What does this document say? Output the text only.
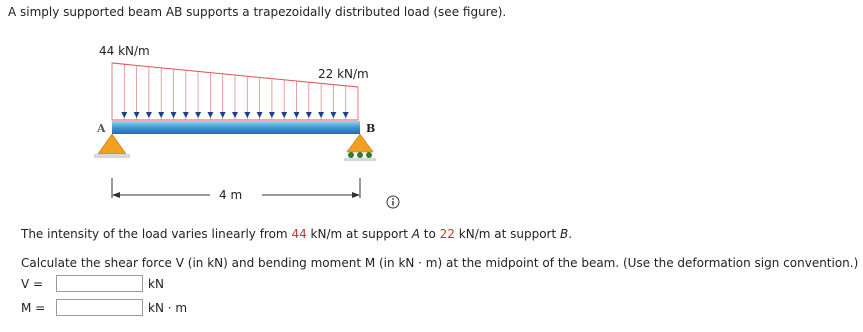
A simply supported beam AB supports a trapezoidally distributed load (see figure).
44 kN/m
22 kN/m
A	B
4 m
The intensity of the load varies linearly from 44 kN/m at support A to 22 kN/m at support B.
Calculate the shear force V (in kN) and bending moment M (in kN · m) at the midpoint of the beam. (Use the deformation sign convention.)
V =	kN
M =	kN · m
